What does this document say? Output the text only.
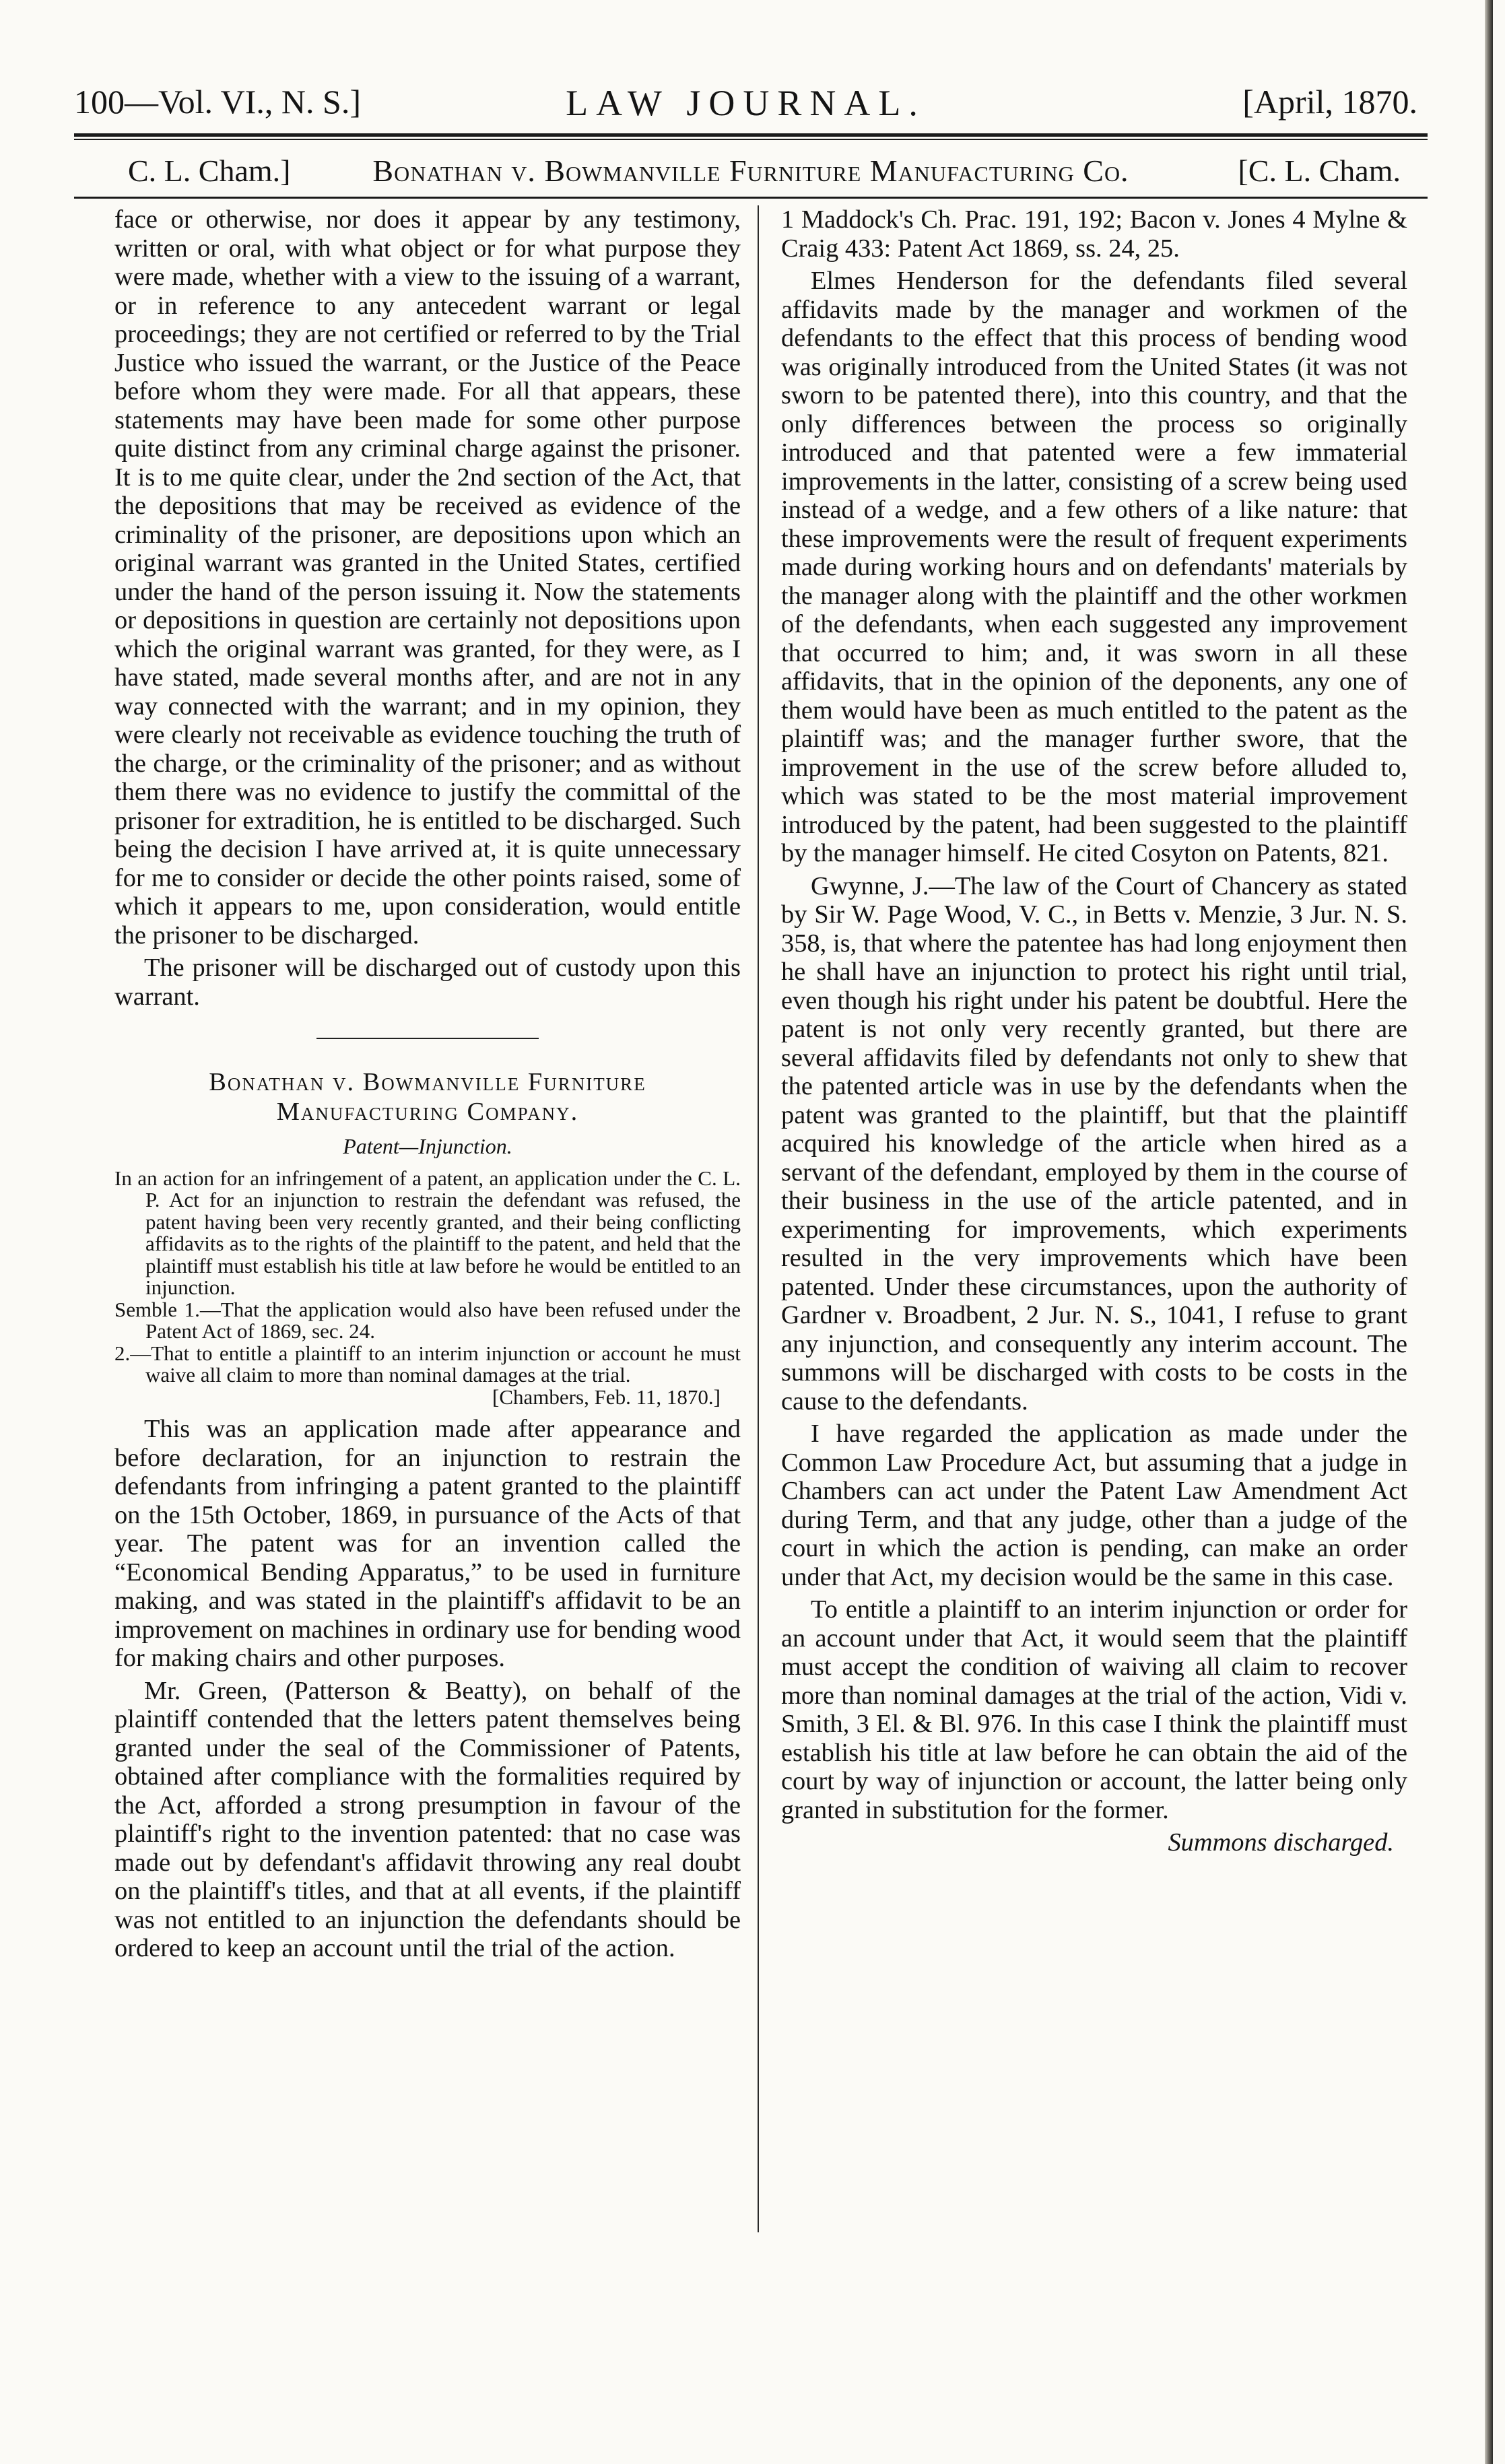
100—Vol. VI., N. S.]	LAW JOURNAL.	[April, 1870.
C. L. Cham.]	Bonathan v. Bowmanville Furniture Manufacturing Co.	[C. L. Cham.

face or otherwise, nor does it appear by any testimony, written or oral, with what object or for what purpose they were made, whether with a view to the issuing of a warrant, or in reference to any antecedent warrant or legal proceedings; they are not certified or referred to by the Trial Justice who issued the warrant, or the Justice of the Peace before whom they were made. For all that appears, these statements may have been made for some other purpose quite distinct from any criminal charge against the prisoner. It is to me quite clear, under the 2nd section of the Act, that the depositions that may be received as evidence of the criminality of the prisoner, are depositions upon which an original warrant was granted in the United States, certified under the hand of the person issuing it. Now the statements or depositions in question are certainly not depositions upon which the original warrant was granted, for they were, as I have stated, made several months after, and are not in any way connected with the warrant; and in my opinion, they were clearly not receivable as evidence touching the truth of the charge, or the criminality of the prisoner; and as without them there was no evidence to justify the committal of the prisoner for extradition, he is entitled to be discharged. Such being the decision I have arrived at, it is quite unnecessary for me to consider or decide the other points raised, some of which it appears to me, upon consideration, would entitle the prisoner to be discharged.

The prisoner will be discharged out of custody upon this warrant.

Bonathan v. Bowmanville Furniture Manufacturing Company.
Patent—Injunction.

In an action for an infringement of a patent, an application under the C. L. P. Act for an injunction to restrain the defendant was refused, the patent having been very recently granted, and their being conflicting affidavits as to the rights of the plaintiff to the patent, and held that the plaintiff must establish his title at law before he would be entitled to an injunction.

Semble 1.—That the application would also have been refused under the Patent Act of 1869, sec. 24.

2.—That to entitle a plaintiff to an interim injunction or account he must waive all claim to more than nominal damages at the trial.

[Chambers, Feb. 11, 1870.]

This was an application made after appearance and before declaration, for an injunction to restrain the defendants from infringing a patent granted to the plaintiff on the 15th October, 1869, in pursuance of the Acts of that year. The patent was for an invention called the “Economical Bending Apparatus,” to be used in furniture making, and was stated in the plaintiff's affidavit to be an improvement on machines in ordinary use for bending wood for making chairs and other purposes.

Mr. Green, (Patterson & Beatty), on behalf of the plaintiff contended that the letters patent themselves being granted under the seal of the Commissioner of Patents, obtained after compliance with the formalities required by the Act, afforded a strong presumption in favour of the plaintiff's right to the invention patented: that no case was made out by defendant's affidavit throwing any real doubt on the plaintiff's titles, and that at all events, if the plaintiff was not entitled to an injunction the defendants should be ordered to keep an account until the trial of the action.

1 Maddock's Ch. Prac. 191, 192; Bacon v. Jones 4 Mylne & Craig 433: Patent Act 1869, ss. 24, 25.

Elmes Henderson for the defendants filed several affidavits made by the manager and workmen of the defendants to the effect that this process of bending wood was originally introduced from the United States (it was not sworn to be patented there), into this country, and that the only differences between the process so originally introduced and that patented were a few immaterial improvements in the latter, consisting of a screw being used instead of a wedge, and a few others of a like nature: that these improvements were the result of frequent experiments made during working hours and on defendants' materials by the manager along with the plaintiff and the other workmen of the defendants, when each suggested any improvement that occurred to him; and, it was sworn in all these affidavits, that in the opinion of the deponents, any one of them would have been as much entitled to the patent as the plaintiff was; and the manager further swore, that the improvement in the use of the screw before alluded to, which was stated to be the most material improvement introduced by the patent, had been suggested to the plaintiff by the manager himself. He cited Cosyton on Patents, 821.

Gwynne, J.—The law of the Court of Chancery as stated by Sir W. Page Wood, V. C., in Betts v. Menzie, 3 Jur. N. S. 358, is, that where the patentee has had long enjoyment then he shall have an injunction to protect his right until trial, even though his right under his patent be doubtful. Here the patent is not only very recently granted, but there are several affidavits filed by defendants not only to shew that the patented article was in use by the defendants when the patent was granted to the plaintiff, but that the plaintiff acquired his knowledge of the article when hired as a servant of the defendant, employed by them in the course of their business in the use of the article patented, and in experimenting for improvements, which experiments resulted in the very improvements which have been patented. Under these circumstances, upon the authority of Gardner v. Broadbent, 2 Jur. N. S., 1041, I refuse to grant any injunction, and consequently any interim account. The summons will be discharged with costs to be costs in the cause to the defendants.

I have regarded the application as made under the Common Law Procedure Act, but assuming that a judge in Chambers can act under the Patent Law Amendment Act during Term, and that any judge, other than a judge of the court in which the action is pending, can make an order under that Act, my decision would be the same in this case.

To entitle a plaintiff to an interim injunction or order for an account under that Act, it would seem that the plaintiff must accept the condition of waiving all claim to recover more than nominal damages at the trial of the action, Vidi v. Smith, 3 El. & Bl. 976. In this case I think the plaintiff must establish his title at law before he can obtain the aid of the court by way of injunction or account, the latter being only granted in substitution for the former.

Summons discharged.
